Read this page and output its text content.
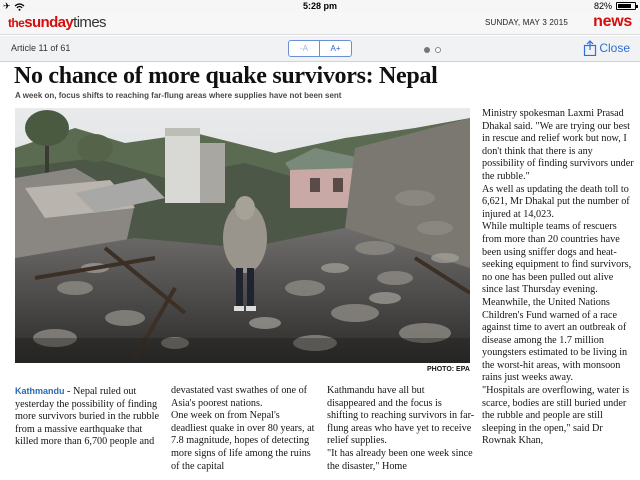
✈	5:28 pm	82%
thesundaytimes	SUNDAY, MAY 3 2015 news
Article 11 of 61	-A	A+	Close
No chance of more quake survivors: Nepal
A week on, focus shifts to reaching far-flung areas where supplies have not been sent
PHOTO: EPA

Kathmandu - Nepal ruled out yesterday the possibility of finding more survivors buried in the rubble from a massive earthquake that killed more than 6,700 people and

devastated vast swathes of one of Asia's poorest nations.

One week on from Nepal's deadliest quake in over 80 years, at 7.8 magnitude, hopes of detecting more signs of life among the ruins of the capital

Kathmandu have all but disappeared and the focus is shifting to reaching survivors in far-flung areas who have yet to receive relief supplies.

"It has already been one week since the disaster," Home

Ministry spokesman Laxmi Prasad Dhakal said. "We are trying our best in rescue and relief work but now, I don't think that there is any possibility of finding survivors under the rubble."

As well as updating the death toll to 6,621, Mr Dhakal put the number of injured at 14,023.

While multiple teams of rescuers from more than 20 countries have been using sniffer dogs and heat-seeking equipment to find survivors, no one has been pulled out alive since last Thursday evening.

Meanwhile, the United Nations Children's Fund warned of a race against time to avert an outbreak of disease among the 1.7 million youngsters estimated to be living in the worst-hit areas, with monsoon rains just weeks away.

"Hospitals are overflowing, water is scarce, bodies are still buried under the rubble and people are still sleeping in the open," said Dr Rownak Khan,
